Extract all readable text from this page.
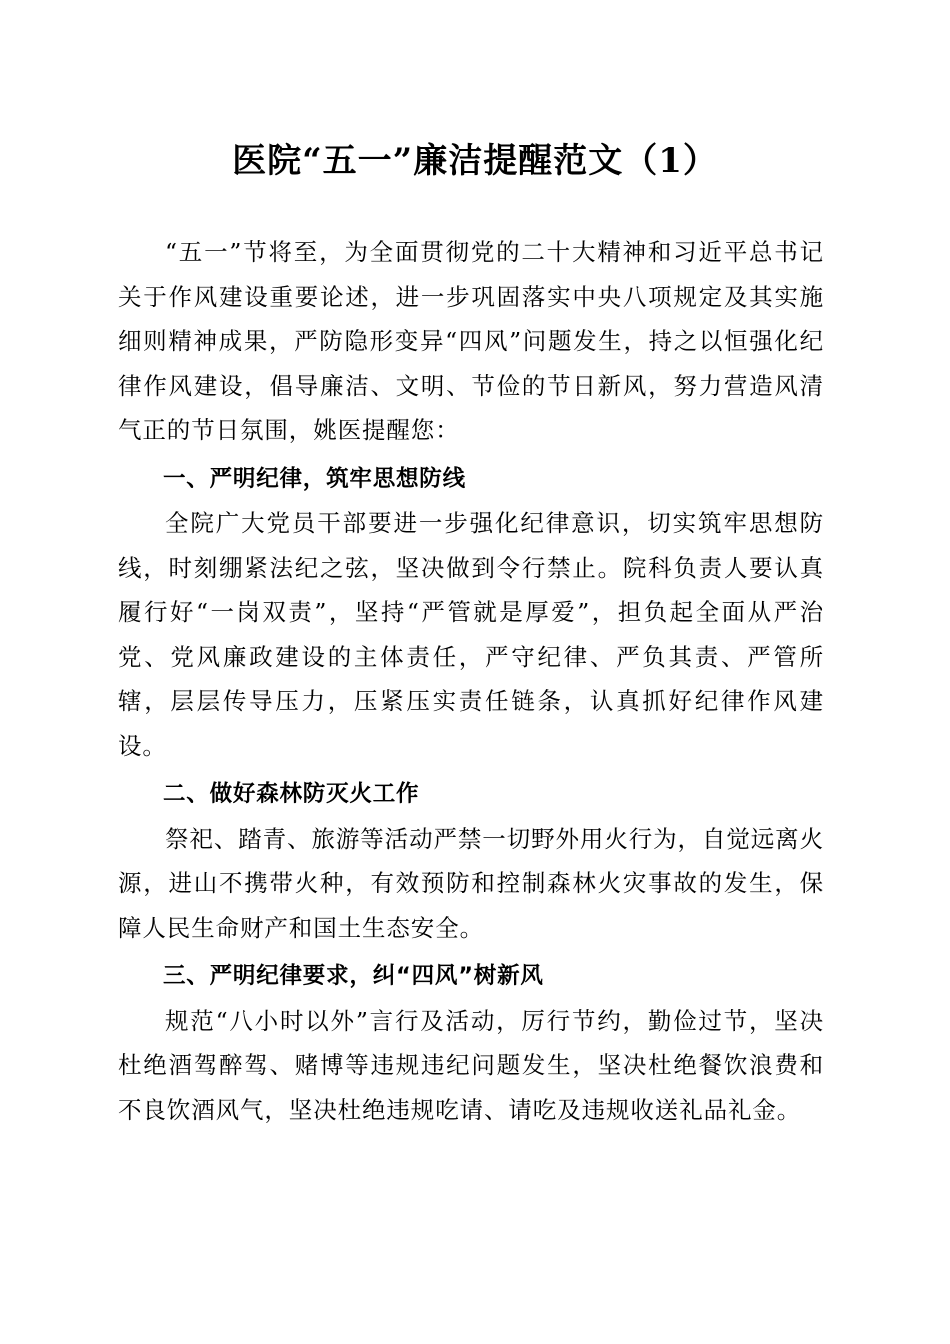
医院“五一”廉洁提醒范文（1）

“五一”节将至，为全面贯彻党的二十大精神和习近平总书记关于作风建设重要论述，进一步巩固落实中央八项规定及其实施细则精神成果，严防隐形变异“四风”问题发生，持之以恒强化纪律作风建设，倡导廉洁、文明、节俭的节日新风，努力营造风清气正的节日氛围，姚医提醒您：

一、严明纪律，筑牢思想防线

全院广大党员干部要进一步强化纪律意识，切实筑牢思想防线，时刻绷紧法纪之弦，坚决做到令行禁止。院科负责人要认真履行好“一岗双责”，坚持“严管就是厚爱”，担负起全面从严治党、党风廉政建设的主体责任，严守纪律、严负其责、严管所辖，层层传导压力，压紧压实责任链条，认真抓好纪律作风建设。

二、做好森林防灭火工作

祭祀、踏青、旅游等活动严禁一切野外用火行为，自觉远离火源，进山不携带火种，有效预防和控制森林火灾事故的发生，保障人民生命财产和国土生态安全。

三、严明纪律要求，纠“四风”树新风

规范“八小时以外”言行及活动，厉行节约，勤俭过节，坚决杜绝酒驾醉驾、赌博等违规违纪问题发生，坚决杜绝餐饮浪费和不良饮酒风气，坚决杜绝违规吃请、请吃及违规收送礼品礼金。
